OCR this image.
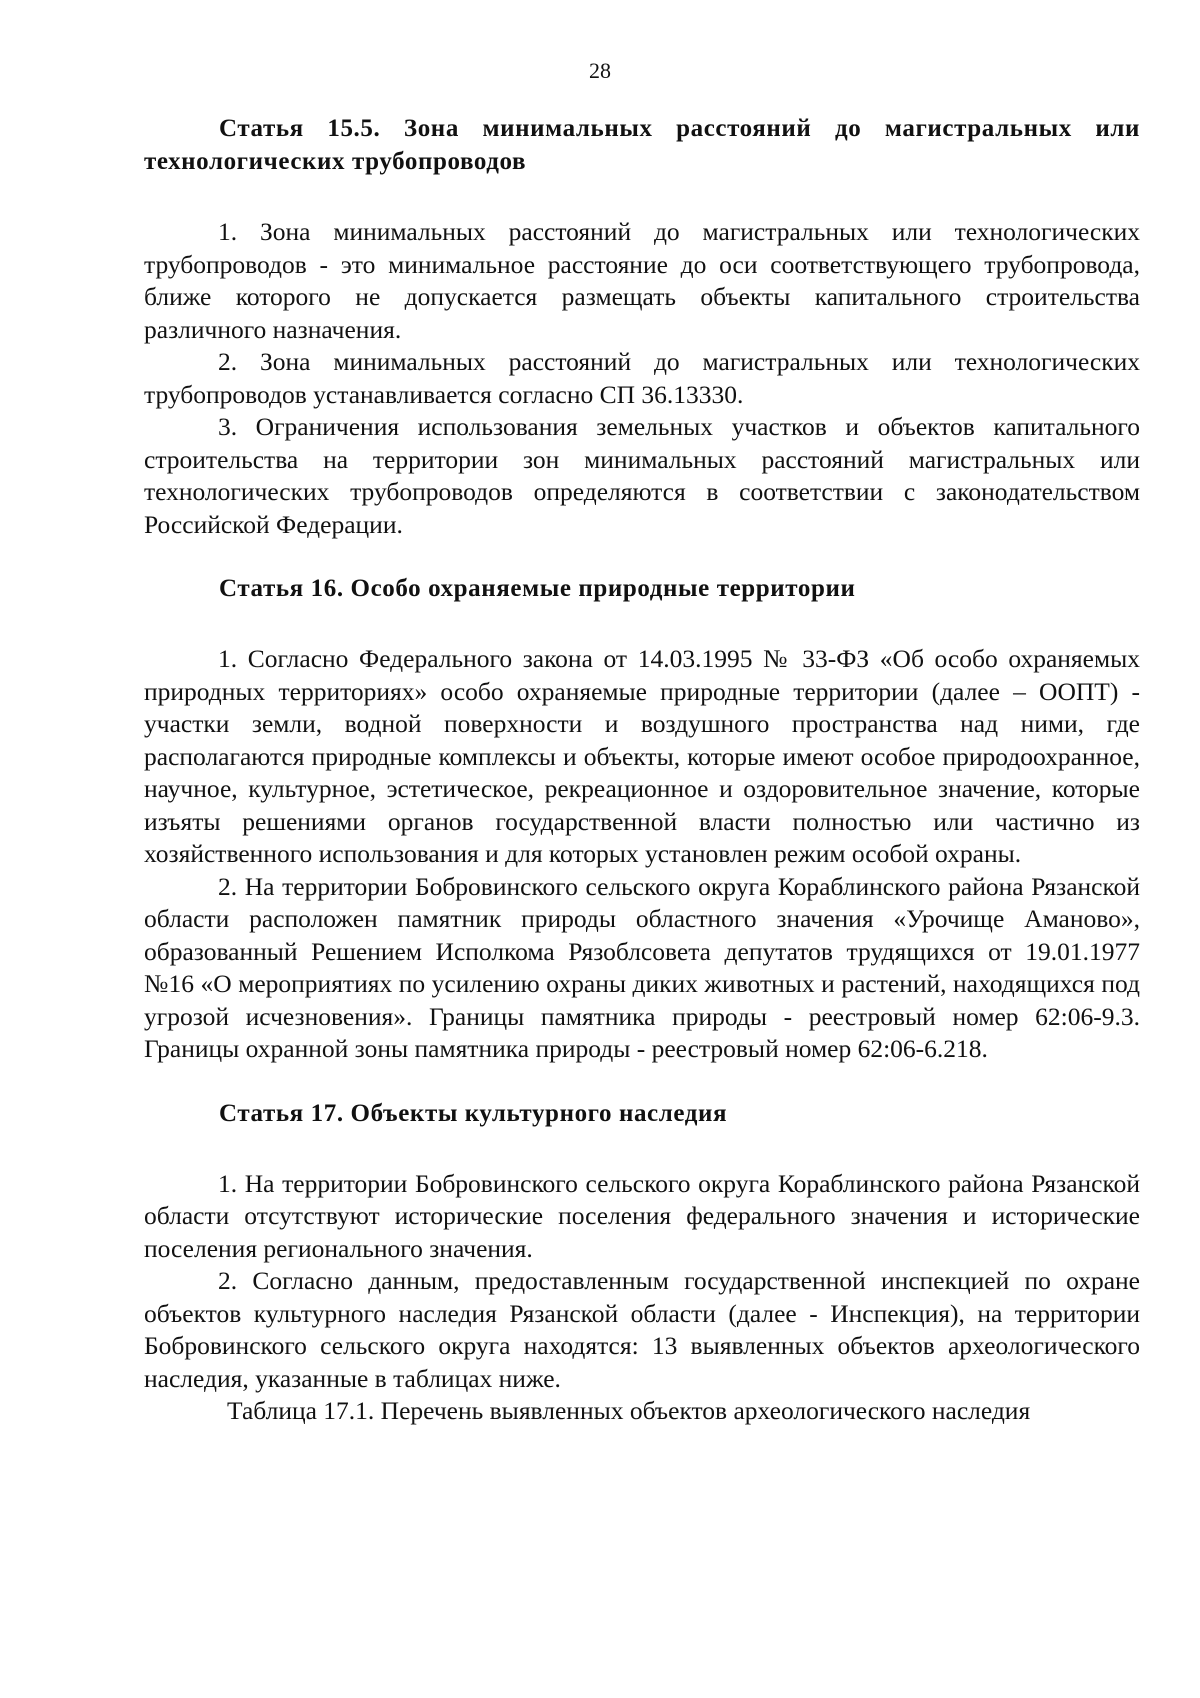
28

Статья 15.5. Зона минимальных расстояний до магистральных или технологических трубопроводов

1. Зона минимальных расстояний до магистральных или технологических трубопроводов - это минимальное расстояние до оси соответствующего трубопровода, ближе которого не допускается размещать объекты капитального строительства различного назначения.

2. Зона минимальных расстояний до магистральных или технологических трубопроводов устанавливается согласно СП 36.13330.

3. Ограничения использования земельных участков и объектов капитального строительства на территории зон минимальных расстояний магистральных или технологических трубопроводов определяются в соответствии с законодательством Российской Федерации.

Статья 16. Особо охраняемые природные территории

1. Согласно Федерального закона от 14.03.1995 № 33-ФЗ «Об особо охраняемых природных территориях» особо охраняемые природные территории (далее – ООПТ) - участки земли, водной поверхности и воздушного пространства над ними, где располагаются природные комплексы и объекты, которые имеют особое природоохранное, научное, культурное, эстетическое, рекреационное и оздоровительное значение, которые изъяты решениями органов государственной власти полностью или частично из хозяйственного использования и для которых установлен режим особой охраны.

2. На территории Бобровинского сельского округа Кораблинского района Рязанской области расположен памятник природы областного значения «Урочище Аманово», образованный Решением Исполкома Рязоблсовета депутатов трудящихся от 19.01.1977 №16 «О мероприятиях по усилению охраны диких животных и растений, находящихся под угрозой исчезновения». Границы памятника природы - реестровый номер 62:06-9.3. Границы охранной зоны памятника природы - реестровый номер 62:06-6.218.

Статья 17. Объекты культурного наследия

1. На территории Бобровинского сельского округа Кораблинского района Рязанской области отсутствуют исторические поселения федерального значения и исторические поселения регионального значения.

2. Согласно данным, предоставленным государственной инспекцией по охране объектов культурного наследия Рязанской области (далее - Инспекция), на территории Бобровинского сельского округа находятся: 13 выявленных объектов археологического наследия, указанные в таблицах ниже.

Таблица 17.1. Перечень выявленных объектов археологического наследия
